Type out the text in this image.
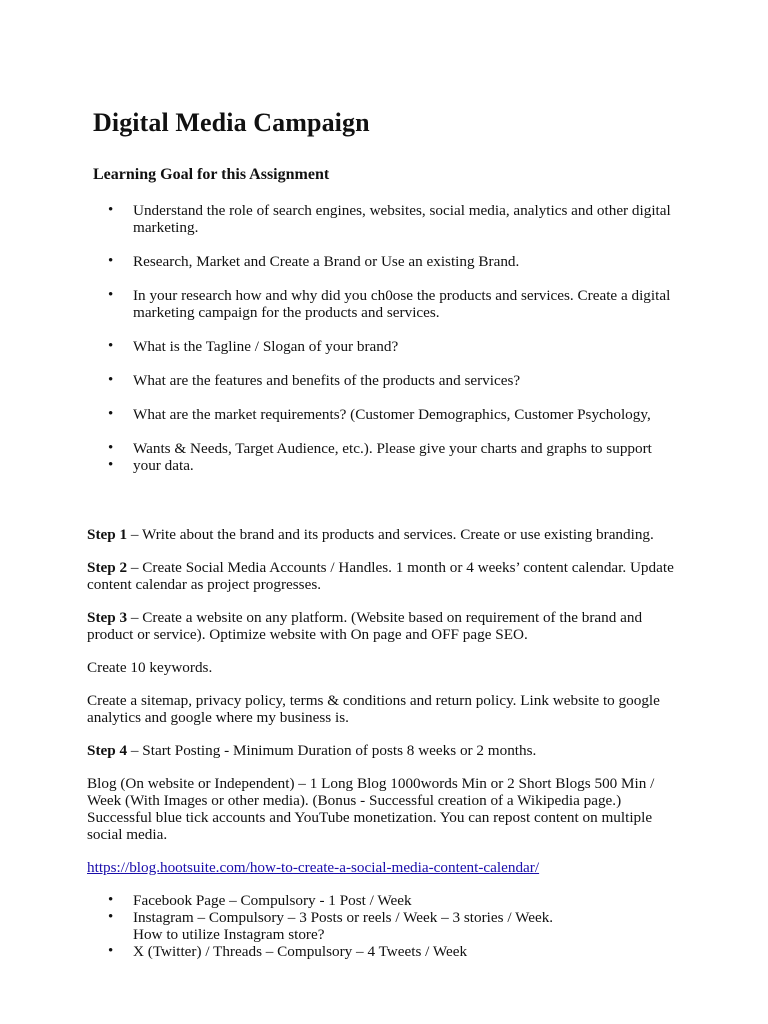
Digital Media Campaign
Learning Goal for this Assignment
• Understand the role of search engines, websites, social media, analytics and other digital marketing.
• Research, Market and Create a Brand or Use an existing Brand.
• In your research how and why did you ch0ose the products and services. Create a digital marketing campaign for the products and services.
• What is the Tagline / Slogan of your brand?
• What are the features and benefits of the products and services?
• What are the market requirements? (Customer Demographics, Customer Psychology,
• Wants & Needs, Target Audience, etc.). Please give your charts and graphs to support
• your data.

Step 1 – Write about the brand and its products and services. Create or use existing branding.

Step 2 – Create Social Media Accounts / Handles. 1 month or 4 weeks’ content calendar. Update content calendar as project progresses.

Step 3 – Create a website on any platform. (Website based on requirement of the brand and product or service). Optimize website with On page and OFF page SEO.

Create 10 keywords.

Create a sitemap, privacy policy, terms & conditions and return policy. Link website to google analytics and google where my business is.

Step 4 – Start Posting - Minimum Duration of posts 8 weeks or 2 months.

Blog (On website or Independent) – 1 Long Blog 1000words Min or 2 Short Blogs 500 Min / Week (With Images or other media). (Bonus - Successful creation of a Wikipedia page.)

Successful blue tick accounts and YouTube monetization. You can repost content on multiple social media.

https://blog.hootsuite.com/how-to-create-a-social-media-content-calendar/

• Facebook Page – Compulsory - 1 Post / Week
• Instagram – Compulsory – 3 Posts or reels / Week – 3 stories / Week.
How to utilize Instagram store?
• X (Twitter) / Threads – Compulsory – 4 Tweets / Week
